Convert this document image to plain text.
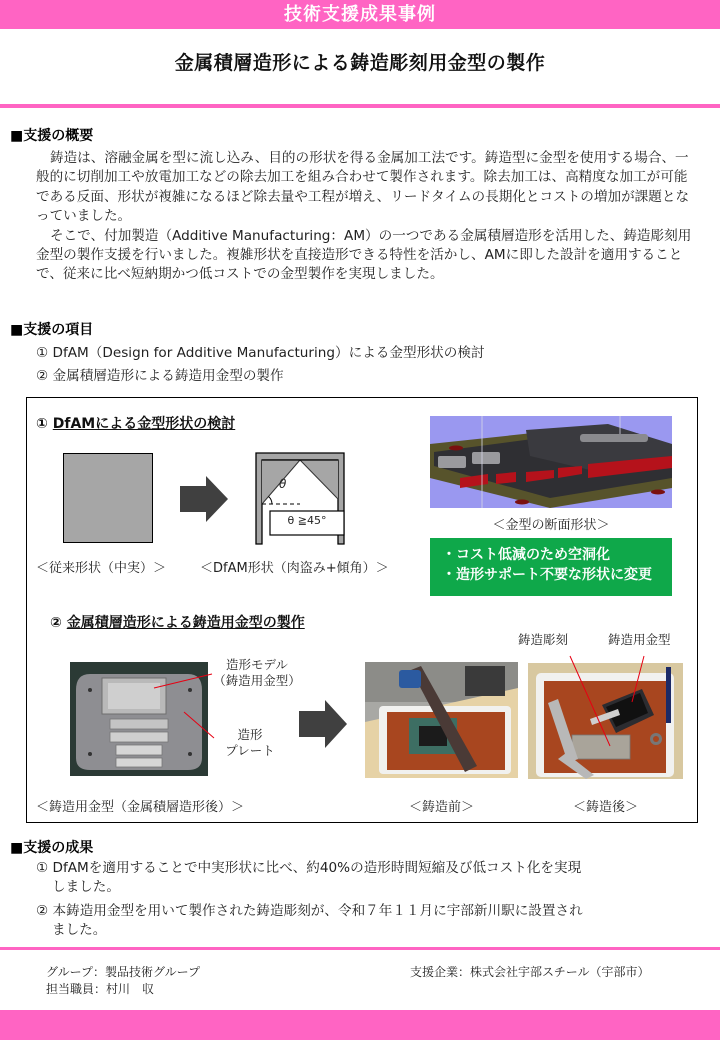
技術支援成果事例
金属積層造形による鋳造彫刻用金型の製作
■支援の概要

鋳造は、溶融金属を型に流し込み、目的の形状を得る金属加工法です。鋳造型に金型を使用する場合、一般的に切削加工や放電加工などの除去加工を組み合わせて製作されます。除去加工は、高精度な加工が可能である反面、形状が複雑になるほど除去量や工程が増え、リードタイムの長期化とコストの増加が課題となっていました。

そこで、付加製造（Additive Manufacturing：AM）の一つである金属積層造形を活用した、鋳造彫刻用金型の製作支援を行いました。複雑形状を直接造形できる特性を活かし、AMに即した設計を適用することで、従来に比べ短納期かつ低コストでの金型製作を実現しました。

■支援の項目
① DfAM（Design for Additive Manufacturing）による金型形状の検討
② 金属積層造形による鋳造用金型の製作
① DfAMによる金型形状の検討
θ
θ ≧45°
＜従来形状（中実）＞	＜DfAM形状（肉盗み+傾角）＞
＜金型の断面形状＞
・コスト低減のため空洞化
・造形サポート不要な形状に変更
② 金属積層造形による鋳造用金型の製作
造形モデル
（鋳造用金型）
造形
プレート
鋳造彫刻	鋳造用金型
＜鋳造用金型（金属積層造形後）＞	＜鋳造前＞	＜鋳造後＞
■支援の成果
① DfAMを適用することで中実形状に比べ、約40%の造形時間短縮及び低コスト化を実現
しました。
② 本鋳造用金型を用いて製作された鋳造彫刻が、令和７年１１月に宇部新川駅に設置され
ました。
グループ：製品技術グループ
担当職員：村川　収
支援企業：株式会社宇部スチール（宇部市）
